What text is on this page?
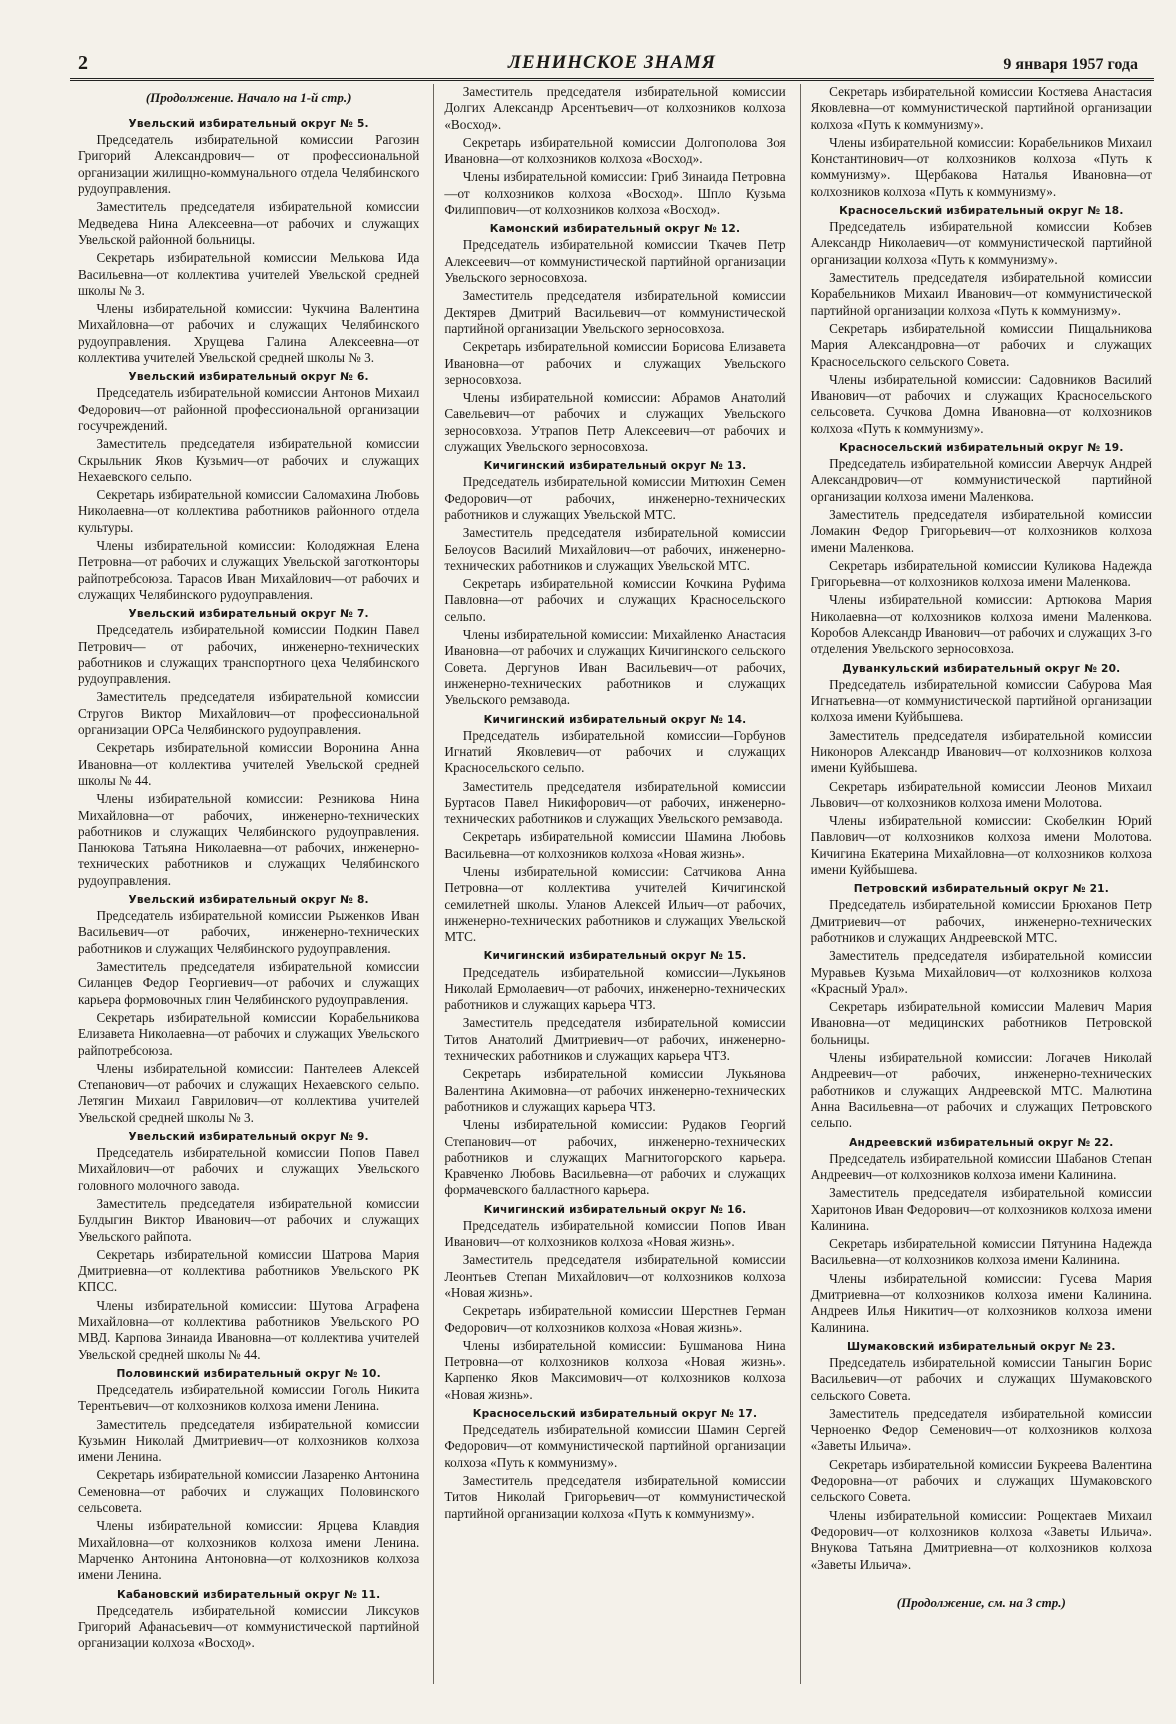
2	ЛЕНИНСКОЕ ЗНАМЯ	9 января 1957 года
(Продолжение. Начало на 1-й стр.)
Увельский избирательный округ № 5.
Председатель избирательной комиссии Рагозин Григорий Александрович— от профессиональной организации жилищно-коммунального отдела Челябинского рудоуправления.
Заместитель председателя избирательной комиссии Медведева Нина Алексеевна—от рабочих и служащих Увельской районной больницы.
Секретарь избирательной комиссии Мелькова Ида Васильевна—от коллектива учителей Увельской средней школы № 3.
Члены избирательной комиссии: Чукчина Валентина Михайловна—от рабочих и служащих Челябинского рудоуправления. Хрущева Галина Алексеевна—от коллектива учителей Увельской средней школы № 3.
Увельский избирательный округ № 6.
Председатель избирательной комиссии Антонов Михаил Федорович—от районной профессиональной организации госучреждений.
Заместитель председателя избирательной комиссии Скрыльник Яков Кузьмич—от рабочих и служащих Нехаевского сельпо.
Секретарь избирательной комиссии Саломахина Любовь Николаевна—от коллектива работников районного отдела культуры.
Члены избирательной комиссии: Колодяжная Елена Петровна—от рабочих и служащих Увельской заготконторы райпотребсоюза. Тарасов Иван Михайлович—от рабочих и служащих Челябинского рудоуправления.
Увельский избирательный округ № 7.
Председатель избирательной комиссии Подкин Павел Петрович— от рабочих, инженерно-технических работников и служащих транспортного цеха Челябинского рудоуправления.
Заместитель председателя избирательной комиссии Стругов Виктор Михайлович—от профессиональной организации ОРСа Челябинского рудоуправления.
Секретарь избирательной комиссии Воронина Анна Ивановна—от коллектива учителей Увельской средней школы № 44.
Члены избирательной комиссии: Резникова Нина Михайловна—от рабочих, инженерно-технических работников и служащих Челябинского рудоуправления. Панюкова Татьяна Николаевна—от рабочих, инженерно-технических работников и служащих Челябинского рудоуправления.
Увельский избирательный округ № 8.
Председатель избирательной комиссии Рыженков Иван Васильевич—от рабочих, инженерно-технических работников и служащих Челябинского рудоуправления.
Заместитель председателя избирательной комиссии Силанцев Федор Георгиевич—от рабочих и служащих карьера формовочных глин Челябинского рудоуправления.
Секретарь избирательной комиссии Корабельникова Елизавета Николаевна—от рабочих и служащих Увельского райпотребсоюза.
Члены избирательной комиссии: Пантелеев Алексей Степанович—от рабочих и служащих Нехаевского сельпо. Летягин Михаил Гаврилович—от коллектива учителей Увельской средней школы № 3.
Увельский избирательный округ № 9.
Председатель избирательной комиссии Попов Павел Михайлович—от рабочих и служащих Увельского головного молочного завода.
Заместитель председателя избирательной комиссии Булдыгин Виктор Иванович—от рабочих и служащих Увельского райпота.
Секретарь избирательной комиссии Шатрова Мария Дмитриевна—от коллектива работников Увельского РК КПСС.
Члены избирательной комиссии: Шутова Агрaфена Михайловна—от коллектива работников Увельского РО МВД. Карпова Зинаида Ивановна—от коллектива учителей Увельской средней школы № 44.
Половинский избирательный округ № 10.
Председатель избирательной комиссии Гоголь Никита Терентьевич—от колхозников колхоза имени Ленина.
Заместитель председателя избирательной комиссии Кузьмин Николай Дмитриевич—от колхозников колхоза имени Ленина.
Секретарь избирательной комиссии Лазаренко Антонина Семеновна—от рабочих и служащих Половинского сельсовета.
Члены избирательной комиссии: Ярцева Клавдия Михайловна—от колхозников колхоза имени Ленина. Марченко Антонина Антоновна—от колхозников колхоза имени Ленина.
Кабановский избирательный округ № 11.
Председатель избирательной комиссии Ликсуков Григорий Афанасьевич—от коммунистической партийной организации колхоза «Восход».
Заместитель председателя избирательной комиссии Долгих Александр Арсентьевич—от колхозников колхоза «Восход».
Секретарь избирательной комиссии Долгополова Зоя Ивановна—от колхозников колхоза «Восход».
Члены избирательной комиссии: Гриб Зинаида Петровна—от колхозников колхоза «Восход». Шпло Кузьма Филиппович—от колхозников колхоза «Восход».
Камонский избирательный округ № 12.
Председатель избирательной комиссии Ткачев Петр Алексеевич—от коммунистической партийной организации Увельского зерносовхоза.
Заместитель председателя избирательной комиссии Дектярев Дмитрий Васильевич—от коммунистической партийной организации Увельского зерносовхоза.
Секретарь избирательной комиссии Борисова Елизавета Ивановна—от рабочих и служащих Увельского зерносовхоза.
Члены избирательной комиссии: Абрамов Анатолий Савельевич—от рабочих и служащих Увельского зерносовхоза. Утрапов Петр Алексеевич—от рабочих и служащих Увельского зерносовхоза.
Кичигинский избирательный округ № 13.
Председатель избирательной комиссии Митюхин Семен Федорович—от рабочих, инженерно-технических работников и служащих Увельской МТС.
Заместитель председателя избирательной комиссии Белоусов Василий Михайлович—от рабочих, инженерно-технических работников и служащих Увельской МТС.
Секретарь избирательной комиссии Кочкина Руфима Павловна—от рабочих и служащих Красносельского сельпо.
Члены избирательной комиссии: Михайленко Анастасия Ивановна—от рабочих и служащих Кичигинского сельского Совета. Дергунов Иван Васильевич—от рабочих, инженерно-технических работников и служащих Увельского ремзавода.
Кичигинский избирательный округ № 14.
Председатель избирательной комиссии—Горбунов Игнатий Яковлевич—от рабочих и служащих Красносельского сельпо.
Заместитель председателя избирательной комиссии Буртасов Павел Никифорович—от рабочих, инженерно-технических работников и служащих Увельского ремзавода.
Секретарь избирательной комиссии Шамина Любовь Васильевна—от колхозников колхоза «Новая жизнь».
Члены избирательной комиссии: Сатчикова Анна Петровна—от коллектива учителей Кичигинской семилетней школы. Уланов Алексей Ильич—от рабочих, инженерно-технических работников и служащих Увельской МТС.
Кичигинский избирательный округ № 15.
Председатель избирательной комиссии—Лукьянов Николай Ермолаевич—от рабочих, инженерно-технических работников и служащих карьера ЧТЗ.
Заместитель председателя избирательной комиссии Титов Анатолий Дмитриевич—от рабочих, инженерно-технических работников и служащих карьера ЧТЗ.
Секретарь избирательной комиссии Лукьянова Валентина Акимовна—от рабочих инженерно-технических работников и служащих карьера ЧТЗ.
Члены избирательной комиссии: Рудаков Георгий Степанович—от рабочих, инженерно-технических работников и служащих Магнитогорского карьера. Кравченко Любовь Васильевна—от рабочих и служащих формачевского балластного карьера.
Кичигинский избирательный округ № 16.
Председатель избирательной комиссии Попов Иван Иванович—от колхозников колхоза «Новая жизнь».
Заместитель председателя избирательной комиссии Леонтьев Степан Михайлович—от колхозников колхоза «Новая жизнь».
Секретарь избирательной комиссии Шерстнев Герман Федорович—от колхозников колхоза «Новая жизнь».
Члены избирательной комиссии: Бушманова Нина Петровна—от колхозников колхоза «Новая жизнь». Карпенко Яков Максимович—от колхозников колхоза «Новая жизнь».
Красносельский избирательный округ № 17.
Председатель избирательной комиссии Шамин Сергей Федорович—от коммунистической партийной организации колхоза «Путь к коммунизму».
Заместитель председателя избирательной комиссии Титов Николай Григорьевич—от коммунистической партийной организации колхоза «Путь к коммунизму».
Секретарь избирательной комиссии Костяева Анастасия Яковлевна—от коммунистической партийной организации колхоза «Путь к коммунизму».
Члены избирательной комиссии: Корабельников Михаил Константинович—от колхозников колхоза «Путь к коммунизму». Щербакова Наталья Ивановна—от колхозников колхоза «Путь к коммунизму».
Красносельский избирательный округ № 18.
Председатель избирательной комиссии Кобзев Александр Николаевич—от коммунистической партийной организации колхоза «Путь к коммунизму».
Заместитель председателя избирательной комиссии Корабельников Михаил Иванович—от коммунистической партийной организации колхоза «Путь к коммунизму».
Секретарь избирательной комиссии Пищальникова Мария Александровна—от рабочих и служащих Красносельского сельского Совета.
Члены избирательной комиссии: Садовников Василий Иванович—от рабочих и служащих Красносельского сельсовета. Сучкова Домна Ивановна—от колхозников колхоза «Путь к коммунизму».
Красносельский избирательный округ № 19.
Председатель избирательной комиссии Аверчук Андрей Александрович—от коммунистической партийной организации колхоза имени Маленкова.
Заместитель председателя избирательной комиссии Ломакин Федор Григорьевич—от колхозников колхоза имени Маленкова.
Секретарь избирательной комиссии Куликова Надежда Григорьевна—от колхозников колхоза имени Маленкова.
Члены избирательной комиссии: Артюкова Мария Николаевна—от колхозников колхоза имени Маленкова. Коробов Александр Иванович—от рабочих и служащих 3-го отделения Увельского зерносовхоза.
Дуванкульский избирательный округ № 20.
Председатель избирательной комиссии Сабурова Мая Игнатьевна—от коммунистической партийной организации колхоза имени Куйбышева.
Заместитель председателя избирательной комиссии Никоноров Александр Иванович—от колхозников колхоза имени Куйбышева.
Секретарь избирательной комиссии Леонов Михаил Львович—от колхозников колхоза имени Молотова.
Члены избирательной комиссии: Скобелкин Юрий Павлович—от колхозников колхоза имени Молотова. Кичигина Екатерина Михайловна—от колхозников колхоза имени Куйбышева.
Петровский избирательный округ № 21.
Председатель избирательной комиссии Брюханов Петр Дмитриевич—от рабочих, инженерно-технических работников и служащих Андреевской МТС.
Заместитель председателя избирательной комиссии Муравьев Кузьма Михайлович—от колхозников колхоза «Красный Урал».
Секретарь избирательной комиссии Малевич Мария Ивановна—от медицинских работников Петровской больницы.
Члены избирательной комиссии: Логачев Николай Андреевич—от рабочих, инженерно-технических работников и служащих Андреевской МТС. Малютина Анна Васильевна—от рабочих и служащих Петровского сельпо.
Андреевский избирательный округ № 22.
Председатель избирательной комиссии Шабанов Степан Андреевич—от колхозников колхоза имени Калинина.
Заместитель председателя избирательной комиссии Харитонов Иван Федорович—от колхозников колхоза имени Калинина.
Секретарь избирательной комиссии Пятунина Надежда Васильевна—от колхозников колхоза имени Калинина.
Члены избирательной комиссии: Гусева Мария Дмитриевна—от колхозников колхоза имени Калинина. Андреев Илья Никитич—от колхозников колхоза имени Калинина.
Шумаковский избирательный округ № 23.
Председатель избирательной комиссии Таныгин Борис Васильевич—от рабочих и служащих Шумаковского сельского Совета.
Заместитель председателя избирательной комиссии Черноенко Федор Семенович—от колхозников колхоза «Заветы Ильича».
Секретарь избирательной комиссии Букреева Валентина Федоровна—от рабочих и служащих Шумаковского сельского Совета.
Члены избирательной комиссии: Рощектаев Михаил Федорович—от колхозников колхоза «Заветы Ильича». Внукова Татьяна Дмитриевна—от колхозников колхоза «Заветы Ильича».
(Продолжение, см. на 3 стр.)
